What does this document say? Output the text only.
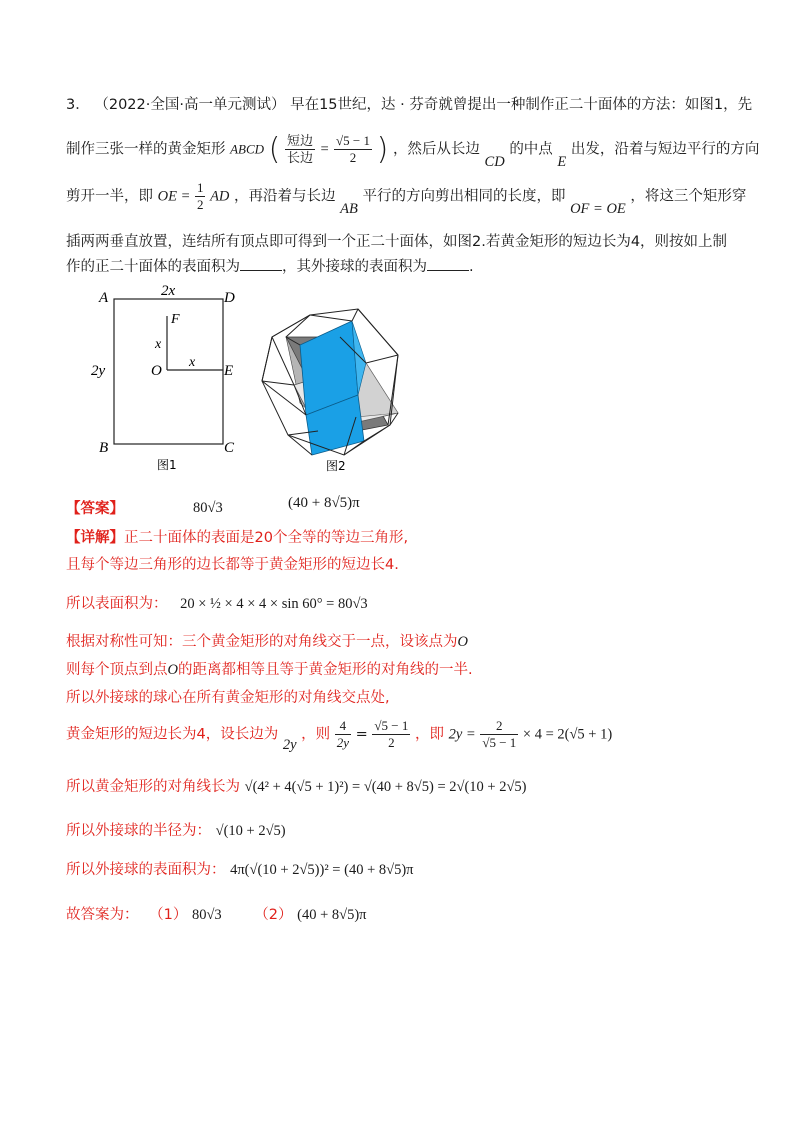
3． （2022·全国·高一单元测试） 早在15世纪，达 · 芬奇就曾提出一种制作正二十面体的方法：如图1，先
制作三张一样的黄金矩形 ABCD ( $\frac{\text{短边}}{\text{长边}} = \frac{√5 - 1}{2}$ ) ，然后从长边 CD 的中点 E 出发，沿着与短边平行的方向
剪开一半，即 OE = $\frac{1}{2}$ AD ，再沿着与长边 AB 平行的方向剪出相同的长度，即 OF = OE ，将这三个矩形穿
插两两垂直放置，连结所有顶点即可得到一个正二十面体，如图2.若黄金矩形的短边长为4，则按如上制
作的正二十面体的表面积为	，其外接球的表面积为	.
A	D
B	C
E
F
O
2x
2y
x
x
图1	图2
【答案】	80√3	(40 + 8√5)π
【详解】正二十面体的表面是20个全等的等边三角形,
且每个等边三角形的边长都等于黄金矩形的短边长4.
所以表面积为： 20 × ½ × 4 × 4 × sin 60° = 80√3
根据对称性可知：三个黄金矩形的对角线交于一点，设该点为O
则每个顶点到点O的距离都相等且等于黄金矩形的对角线的一半.
所以外接球的球心在所有黄金矩形的对角线交点处,
黄金矩形的短边长为4，设长边为 2y ，则 $\frac{4}{2y} = \frac{√5 - 1}{2}$ ，即 $2y = \frac{2}{√5 - 1} \times 4 = 2(√5 + 1)$
所以黄金矩形的对角线长为 √(4² + 4(√5 + 1)²) = √(40 + 8√5) = 2√(10 + 2√5)
所以外接球的半径为： √(10 + 2√5)
所以外接球的表面积为： 4π(√(10 + 2√5))² = (40 + 8√5)π
故答案为： （1） 80√3 （2） (40 + 8√5)π
